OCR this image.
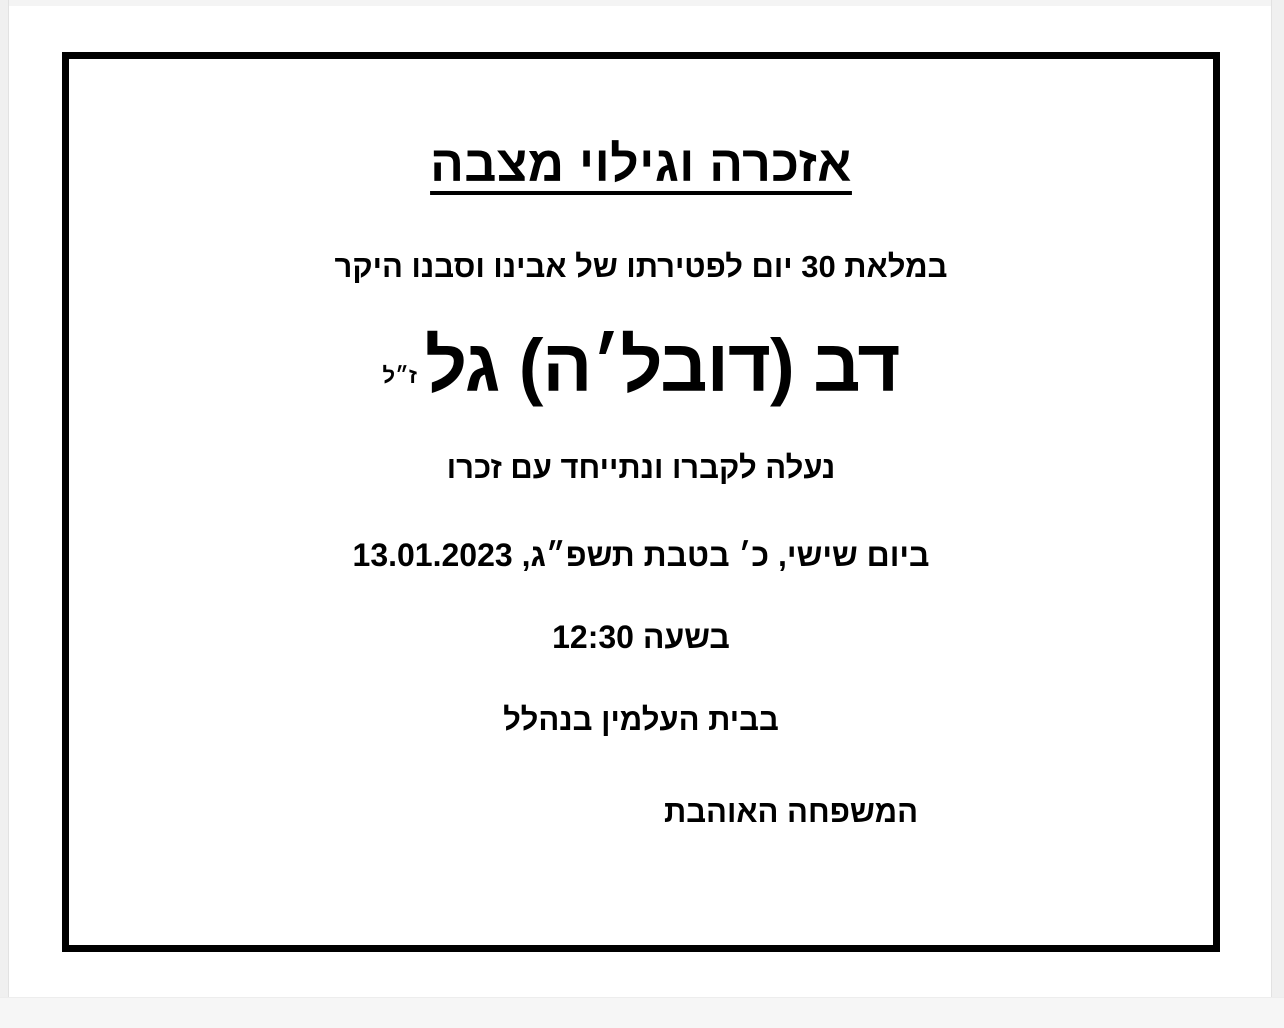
אזכרה וגילוי מצבה

במלאת 30 יום לפטירתו של אבינו וסבנו היקר

דב (דובל׳ה) גלז״ל

נעלה לקברו ונתייחד עם זכרו

ביום שישי, כ׳ בטבת תשפ״ג, 13.01.2023

בשעה 12:30

בבית העלמין בנהלל

המשפחה האוהבת
